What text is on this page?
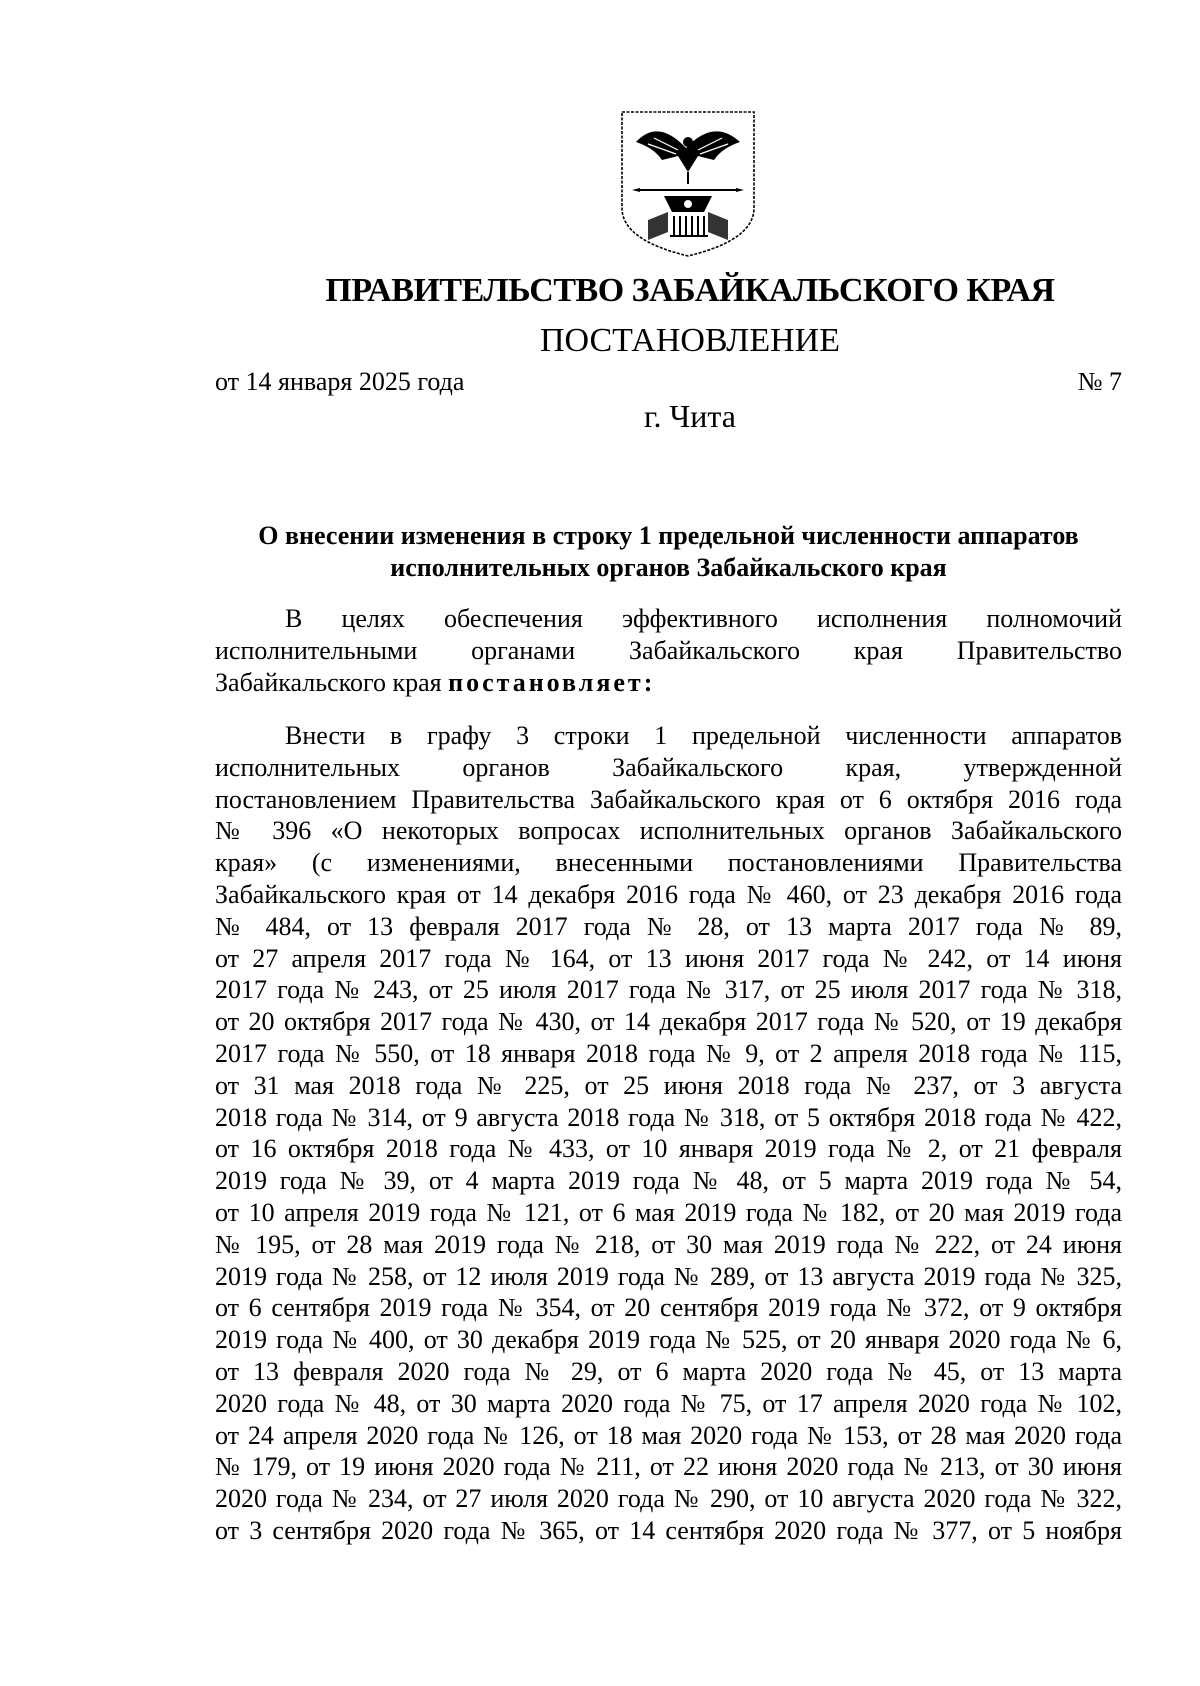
ПРАВИТЕЛЬСТВО ЗАБАЙКАЛЬСКОГО КРАЯ
ПОСТАНОВЛЕНИЕ
от 14 января 2025 года	№ 7
г. Чита
О внесении изменения в строку 1 предельной численности аппаратов
исполнительных органов Забайкальского края
В целях обеспечения эффективного исполнения полномочий
исполнительными органами Забайкальского края Правительство
Забайкальского края постановляет:
Внести в графу 3 строки 1 предельной численности аппаратов
исполнительных органов Забайкальского края, утвержденной
постановлением Правительства Забайкальского края от 6 октября 2016 года
№ 396 «О некоторых вопросах исполнительных органов Забайкальского
края» (с изменениями, внесенными постановлениями Правительства
Забайкальского края от 14 декабря 2016 года № 460, от 23 декабря 2016 года
№ 484, от 13 февраля 2017 года № 28, от 13 марта 2017 года № 89,
от 27 апреля 2017 года № 164, от 13 июня 2017 года № 242, от 14 июня
2017 года № 243, от 25 июля 2017 года № 317, от 25 июля 2017 года № 318,
от 20 октября 2017 года № 430, от 14 декабря 2017 года № 520, от 19 декабря
2017 года № 550, от 18 января 2018 года № 9, от 2 апреля 2018 года № 115,
от 31 мая 2018 года № 225, от 25 июня 2018 года № 237, от 3 августа
2018 года № 314, от 9 августа 2018 года № 318, от 5 октября 2018 года № 422,
от 16 октября 2018 года № 433, от 10 января 2019 года № 2, от 21 февраля
2019 года № 39, от 4 марта 2019 года № 48, от 5 марта 2019 года № 54,
от 10 апреля 2019 года № 121, от 6 мая 2019 года № 182, от 20 мая 2019 года
№ 195, от 28 мая 2019 года № 218, от 30 мая 2019 года № 222, от 24 июня
2019 года № 258, от 12 июля 2019 года № 289, от 13 августа 2019 года № 325,
от 6 сентября 2019 года № 354, от 20 сентября 2019 года № 372, от 9 октября
2019 года № 400, от 30 декабря 2019 года № 525, от 20 января 2020 года № 6,
от 13 февраля 2020 года № 29, от 6 марта 2020 года № 45, от 13 марта
2020 года № 48, от 30 марта 2020 года № 75, от 17 апреля 2020 года № 102,
от 24 апреля 2020 года № 126, от 18 мая 2020 года № 153, от 28 мая 2020 года
№ 179, от 19 июня 2020 года № 211, от 22 июня 2020 года № 213, от 30 июня
2020 года № 234, от 27 июля 2020 года № 290, от 10 августа 2020 года № 322,
от 3 сентября 2020 года № 365, от 14 сентября 2020 года № 377, от 5 ноября
